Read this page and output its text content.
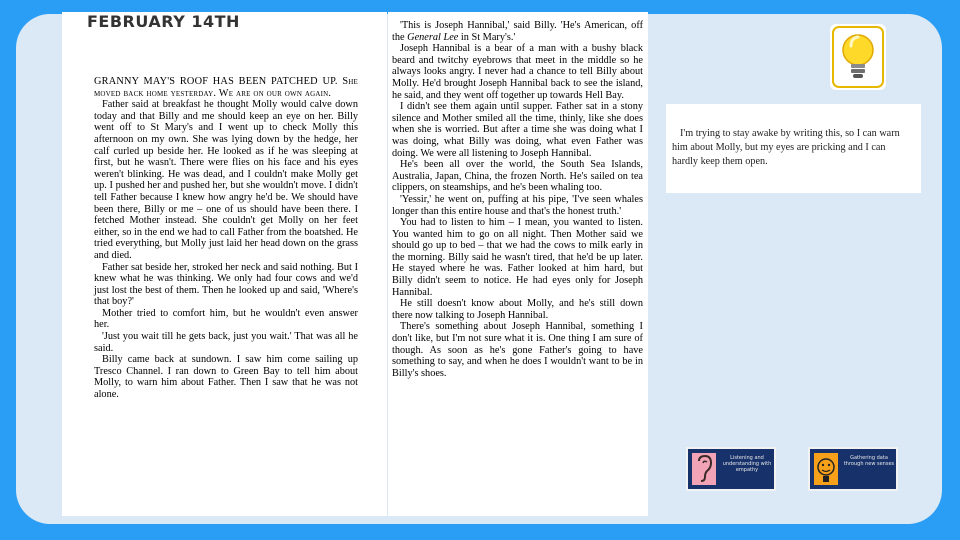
FEBRUARY 14TH

GRANNY MAY'S ROOF HAS BEEN PATCHED UP. She moved back home yesterday. We are on our own again.

Father said at breakfast he thought Molly would calve down today and that Billy and me should keep an eye on her. Billy went off to St Mary's and I went up to check Molly this afternoon on my own. She was lying down by the hedge, her calf curled up beside her. He looked as if he was sleeping at first, but he wasn't. There were flies on his face and his eyes weren't blinking. He was dead, and I couldn't make Molly get up. I pushed her and pushed her, but she wouldn't move. I didn't tell Father because I knew how angry he'd be. We should have been there, Billy or me – one of us should have been there. I fetched Mother instead. She couldn't get Molly on her feet either, so in the end we had to call Father from the boatshed. He tried everything, but Molly just laid her head down on the grass and died.

Father sat beside her, stroked her neck and said nothing. But I knew what he was thinking. We only had four cows and we'd just lost the best of them. Then he looked up and said, 'Where's that boy?'

Mother tried to comfort him, but he wouldn't even answer her.

'Just you wait till he gets back, just you wait.' That was all he said.

Billy came back at sundown. I saw him come sailing up Tresco Channel. I ran down to Green Bay to tell him about Molly, to warn him about Father. Then I saw that he was not alone.

'This is Joseph Hannibal,' said Billy. 'He's American, off the General Lee in St Mary's.'

Joseph Hannibal is a bear of a man with a bushy black beard and twitchy eyebrows that meet in the middle so he always looks angry. I never had a chance to tell Billy about Molly. He'd brought Joseph Hannibal back to see the island, he said, and they went off together up towards Hell Bay.

I didn't see them again until supper. Father sat in a stony silence and Mother smiled all the time, thinly, like she does when she is worried. But after a time she was doing what I was doing, what Billy was doing, what even Father was doing. We were all listening to Joseph Hannibal.

He's been all over the world, the South Sea Islands, Australia, Japan, China, the frozen North. He's sailed on tea clippers, on steamships, and he's been whaling too.

'Yessir,' he went on, puffing at his pipe, 'I've seen whales longer than this entire house and that's the honest truth.'

You had to listen to him – I mean, you wanted to listen. You wanted him to go on all night. Then Mother said we should go up to bed – that we had the cows to milk early in the morning. Billy said he wasn't tired, that he'd be up later. He stayed where he was. Father looked at him hard, but Billy didn't seem to notice. He had eyes only for Joseph Hannibal.

He still doesn't know about Molly, and he's still down there now talking to Joseph Hannibal.

There's something about Joseph Hannibal, something I don't like, but I'm not sure what it is. One thing I am sure of though. As soon as he's gone Father's going to have something to say, and when he does I wouldn't want to be in Billy's shoes.

I'm trying to stay awake by writing this, so I can warn him about Molly, but my eyes are pricking and I can hardly keep them open.
Listening and understanding with empathy
Gathering data through new senses
